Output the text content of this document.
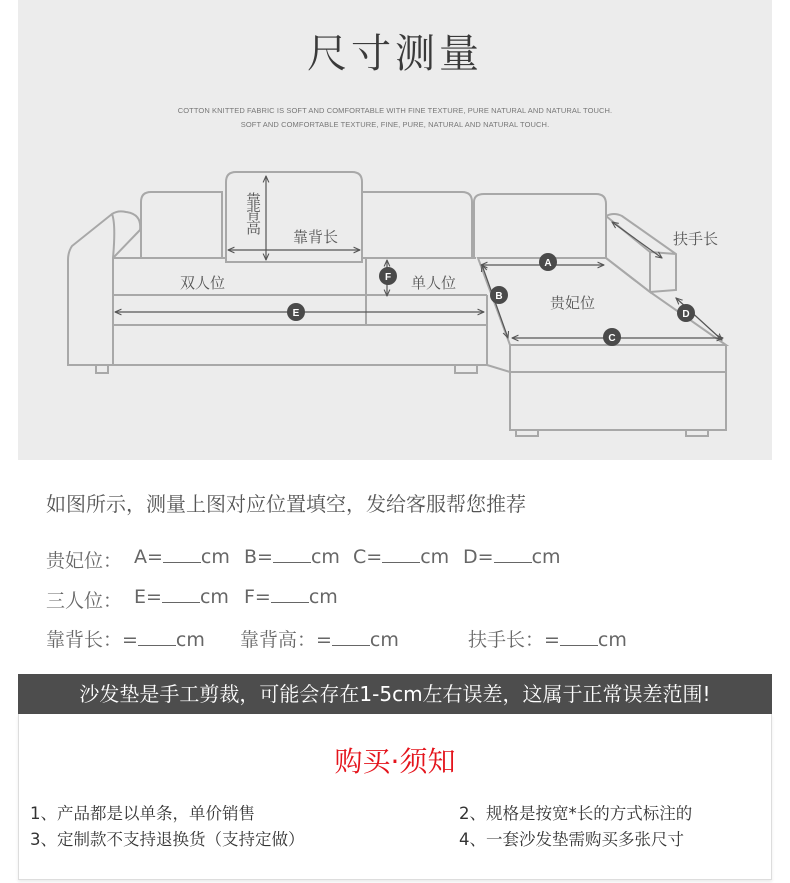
尺寸测量
COTTON KNITTED FABRIC IS SOFT AND COMFORTABLE WITH FINE TEXTURE, PURE NATURAL AND NATURAL TOUCH.
SOFT AND COMFORTABLE TEXTURE, FINE, PURE, NATURAL AND NATURAL TOUCH.
靠背高
靠背长
双人位	单人位
贵妃位
扶手长
A
B
C
D
E
F
如图所示，测量上图对应位置填空，发给客服帮您推荐
贵妃位： A= cm B= cm C= cm D= cm
三人位： E= cm F= cm
靠背长：= cm 靠背高：= cm	扶手长：= cm
沙发垫是手工剪裁，可能会存在1-5cm左右误差，这属于正常误差范围!
购买·须知
1、产品都是以单条，单价销售	2、规格是按宽*长的方式标注的
3、定制款不支持退换货（支持定做）	4、一套沙发垫需购买多张尺寸
